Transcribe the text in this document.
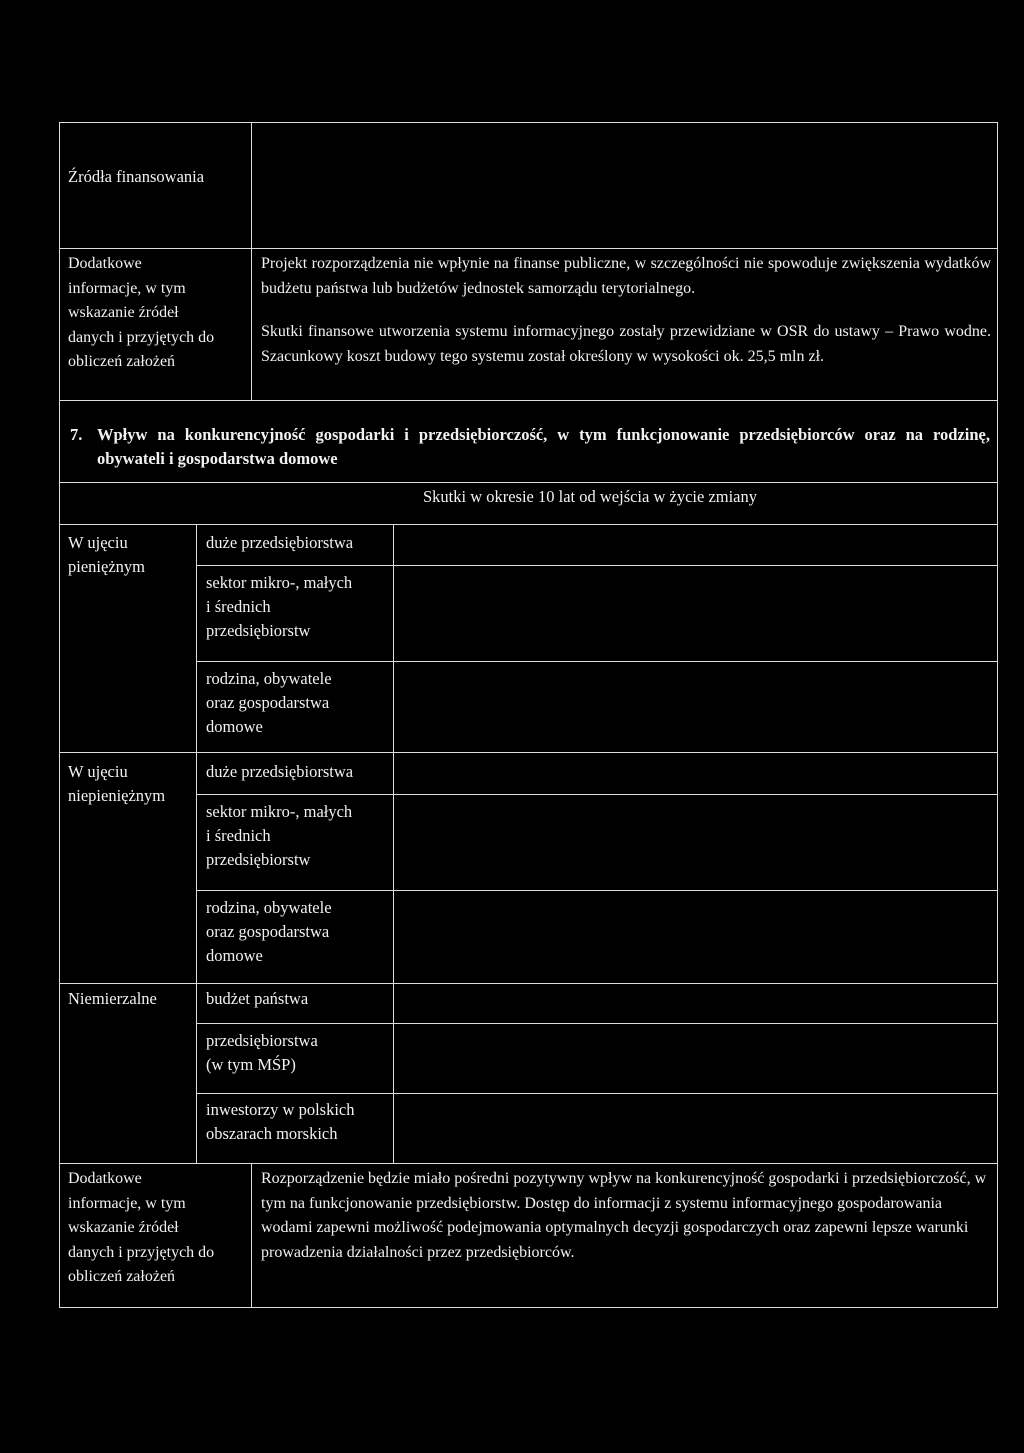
Źródła finansowania
Dodatkowe
informacje, w tym
wskazanie źródeł
danych i przyjętych do
obliczeń założeń
Projekt rozporządzenia nie wpłynie na finanse publiczne, w szczególności nie spowoduje zwiększenia wydatków budżetu państwa lub budżetów jednostek samorządu terytorialnego.
Skutki finansowe utworzenia systemu informacyjnego zostały przewidziane w OSR do ustawy – Prawo wodne. Szacunkowy koszt budowy tego systemu został określony w wysokości ok. 25,5 mln zł.
7. Wpływ na konkurencyjność gospodarki i przedsiębiorczość, w tym funkcjonowanie przedsiębiorców oraz na rodzinę, obywateli i gospodarstwa domowe
Skutki w okresie 10 lat od wejścia w życie zmiany
W ujęciu
pieniężnym
W ujęciu
niepieniężnym
Niemierzalne
duże przedsiębiorstwa
sektor mikro-, małych
i średnich
przedsiębiorstw
rodzina, obywatele
oraz gospodarstwa
domowe
duże przedsiębiorstwa
sektor mikro-, małych
i średnich
przedsiębiorstw
rodzina, obywatele
oraz gospodarstwa
domowe
budżet państwa
przedsiębiorstwa
(w tym MŚP)
inwestorzy w polskich
obszarach morskich
Dodatkowe
informacje, w tym
wskazanie źródeł
danych i przyjętych do
obliczeń założeń
Rozporządzenie będzie miało pośredni pozytywny wpływ na konkurencyjność gospodarki i przedsiębiorczość, w tym na funkcjonowanie przedsiębiorstw. Dostęp do informacji z systemu informacyjnego gospodarowania wodami zapewni możliwość podejmowania optymalnych decyzji gospodarczych oraz zapewni lepsze warunki prowadzenia działalności przez przedsiębiorców.
